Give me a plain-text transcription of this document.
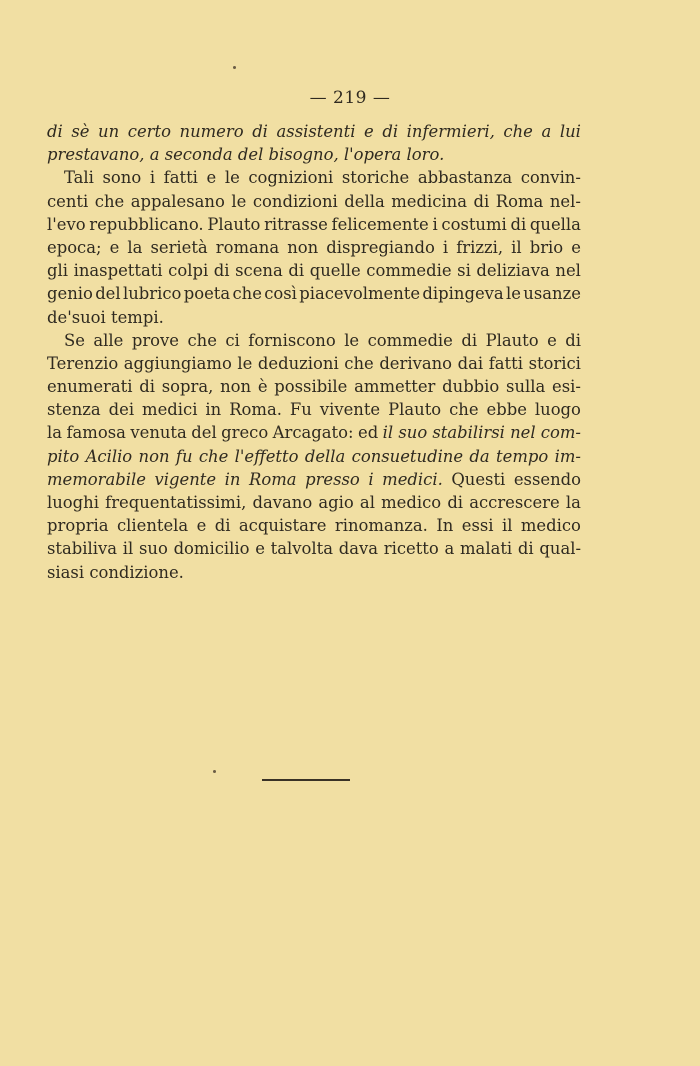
— 219 —
di sè un certo numero di assistenti e di infermieri, che a lui
prestavano, a seconda del bisogno, l'opera loro.
Tali sono i fatti e le cognizioni storiche abbastanza convin-
centi che appalesano le condizioni della medicina di Roma nel-
l'evo repubblicano. Plauto ritrasse felicemente i costumi di quella
epoca; e la serietà romana non dispregiando i frizzi, il brio e
gli inaspettati colpi di scena di quelle commedie si deliziava nel
genio del lubrico poeta che così piacevolmente dipingeva le usanze
de'suoi tempi.
Se alle prove che ci forniscono le commedie di Plauto e di
Terenzio aggiungiamo le deduzioni che derivano dai fatti storici
enumerati di sopra, non è possibile ammetter dubbio sulla esi-
stenza dei medici in Roma. Fu vivente Plauto che ebbe luogo
la famosa venuta del greco Arcagato: ed il suo stabilirsi nel com-
pito Acilio non fu che l'effetto della consuetudine da tempo im-
memorabile vigente in Roma presso i medici. Questi essendo
luoghi frequentatissimi, davano agio al medico di accrescere la
propria clientela e di acquistare rinomanza. In essi il medico
stabiliva il suo domicilio e talvolta dava ricetto a malati di qual-
siasi condizione.
